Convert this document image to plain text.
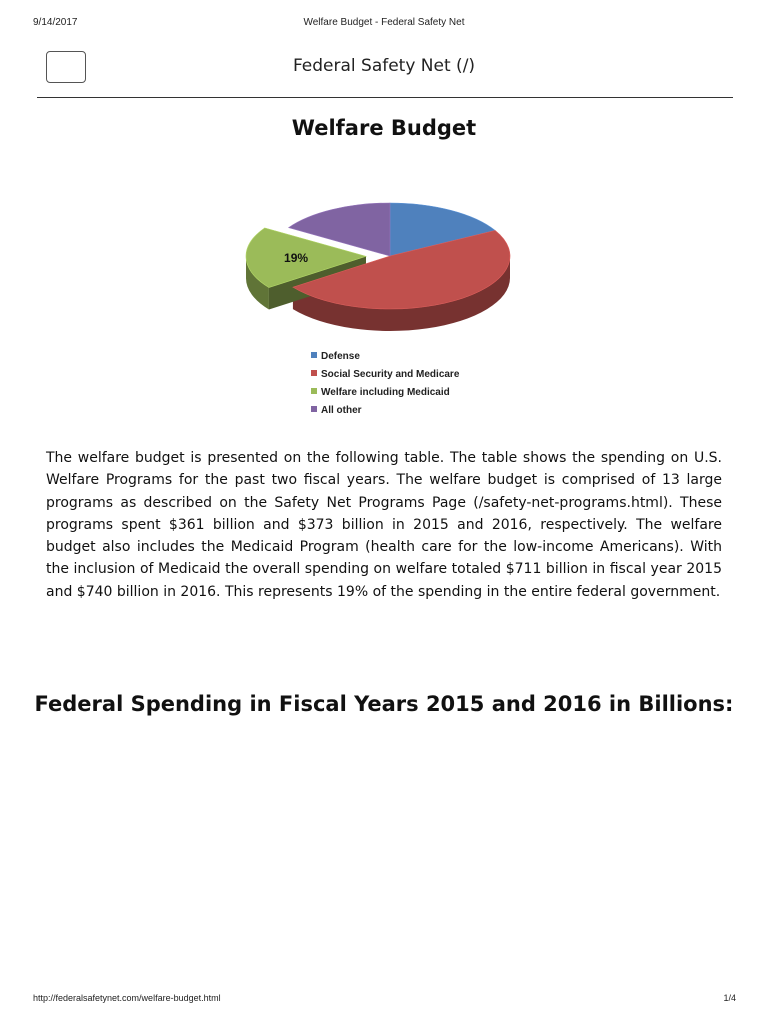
9/14/2017	Welfare Budget - Federal Safety Net
Federal Safety Net (/)
Welfare Budget
19%
Defense
Social Security and Medicare
Welfare including Medicaid
All other

The welfare budget is presented on the following table. The table shows the spending on U.S. Welfare Programs for the past two fiscal years. The welfare budget is comprised of 13 large programs as described on the Safety Net Programs Page (/safety-net-programs.html). These programs spent $361 billion and $373 billion in 2015 and 2016, respectively. The welfare budget also includes the Medicaid Program (health care for the low-income Americans). With the inclusion of Medicaid the overall spending on welfare totaled $711 billion in fiscal year 2015 and $740 billion in 2016. This represents 19% of the spending in the entire federal government.

Federal Spending in Fiscal Years 2015 and 2016 in Billions:
http://federalsafetynet.com/welfare-budget.html	1/4
